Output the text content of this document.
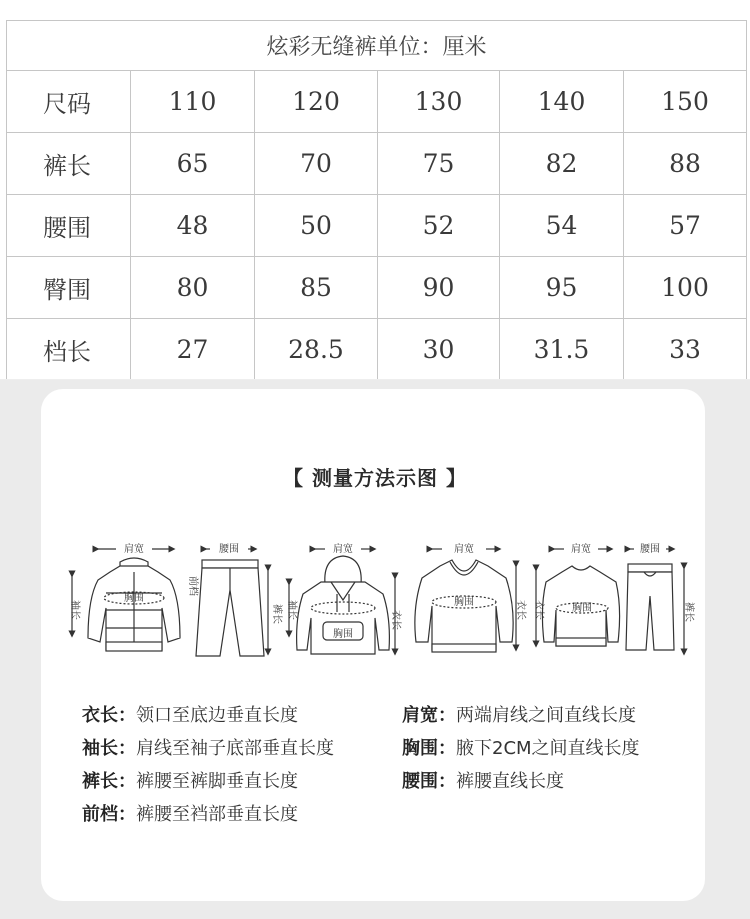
炫彩无缝裤单位：厘米					
尺码	110	120	130	140	150
裤长	65	70	75	82	88
腰围	48	50	52	54	57
臀围	80	85	90	95	100
档长	27	28.5	30	31.5	33
【 测量方法示图 】
肩宽
胸围
袖长
腰围
前档
裤长
肩宽
胸围
衣长
袖长
肩宽
胸围	衣长
肩宽
胸围
衣长
腰围
裤长
衣长：领口至底边垂直长度	肩宽：两端肩线之间直线长度
袖长：肩线至袖子底部垂直长度	胸围：腋下2CM之间直线长度
裤长：裤腰至裤脚垂直长度	腰围：裤腰直线长度
前档：裤腰至裆部垂直长度
